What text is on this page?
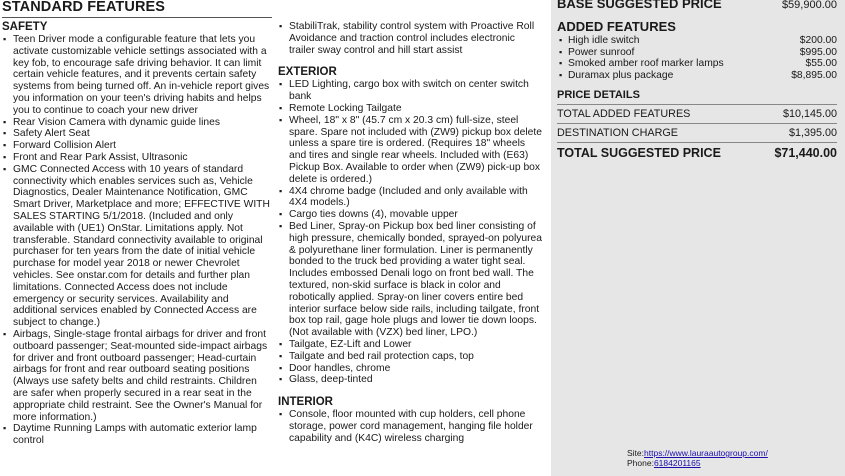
STANDARD FEATURES
SAFETY
▪ Teen Driver mode a configurable feature that lets you activate customizable vehicle settings associated with a key fob, to encourage safe driving behavior. It can limit certain vehicle features, and it prevents certain safety systems from being turned off. An in-vehicle report gives you information on your teen's driving habits and helps you to continue to coach your new driver
▪ Rear Vision Camera with dynamic guide lines
▪ Safety Alert Seat
▪ Forward Collision Alert
▪ Front and Rear Park Assist, Ultrasonic
▪ GMC Connected Access with 10 years of standard connectivity which enables services such as, Vehicle Diagnostics, Dealer Maintenance Notification, GMC Smart Driver, Marketplace and more; EFFECTIVE WITH SALES STARTING 5/1/2018. (Included and only available with (UE1) OnStar. Limitations apply. Not transferable. Standard connectivity available to original purchaser for ten years from the date of initial vehicle purchase for model year 2018 or newer Chevrolet vehicles. See onstar.com for details and further plan limitations. Connected Access does not include emergency or security services. Availability and additional services enabled by Connected Access are subject to change.)
▪ Airbags, Single-stage frontal airbags for driver and front outboard passenger; Seat-mounted side-impact airbags for driver and front outboard passenger; Head-curtain airbags for front and rear outboard seating positions (Always use safety belts and child restraints. Children are safer when properly secured in a rear seat in the appropriate child restraint. See the Owner's Manual for more information.)
▪ Daytime Running Lamps with automatic exterior lamp control
▪ StabiliTrak, stability control system with Proactive Roll Avoidance and traction control includes electronic trailer sway control and hill start assist
EXTERIOR
▪ LED Lighting, cargo box with switch on center switch bank
▪ Remote Locking Tailgate
▪ Wheel, 18" x 8" (45.7 cm x 20.3 cm) full-size, steel spare. Spare not included with (ZW9) pickup box delete unless a spare tire is ordered. (Requires 18" wheels and tires and single rear wheels. Included with (E63) Pickup Box. Available to order when (ZW9) pick-up box delete is ordered.)
▪ 4X4 chrome badge (Included and only available with 4X4 models.)
▪ Cargo ties downs (4), movable upper
▪ Bed Liner, Spray-on Pickup box bed liner consisting of high pressure, chemically bonded, sprayed-on polyurea & polyurethane liner formulation. Liner is permanently bonded to the truck bed providing a water tight seal. Includes embossed Denali logo on front bed wall. The textured, non-skid surface is black in color and robotically applied. Spray-on liner covers entire bed interior surface below side rails, including tailgate, front box top rail, gage hole plugs and lower tie down loops. (Not available with (VZX) bed liner, LPO.)
▪ Tailgate, EZ-Lift and Lower
▪ Tailgate and bed rail protection caps, top
▪ Door handles, chrome
▪ Glass, deep-tinted
INTERIOR
▪ Console, floor mounted with cup holders, cell phone storage, power cord management, hanging file holder capability and (K4C) wireless charging
BASE SUGGESTED PRICE	$59,900.00
ADDED FEATURES
▪ High idle switch	$200.00
▪ Power sunroof	$995.00
▪ Smoked amber roof marker lamps	$55.00
▪ Duramax plus package	$8,895.00
PRICE DETAILS
TOTAL ADDED FEATURES	$10,145.00
DESTINATION CHARGE	$1,395.00
TOTAL SUGGESTED PRICE	$71,440.00
Site:https://www.lauraautogroup.com/
Phone:6184201165
